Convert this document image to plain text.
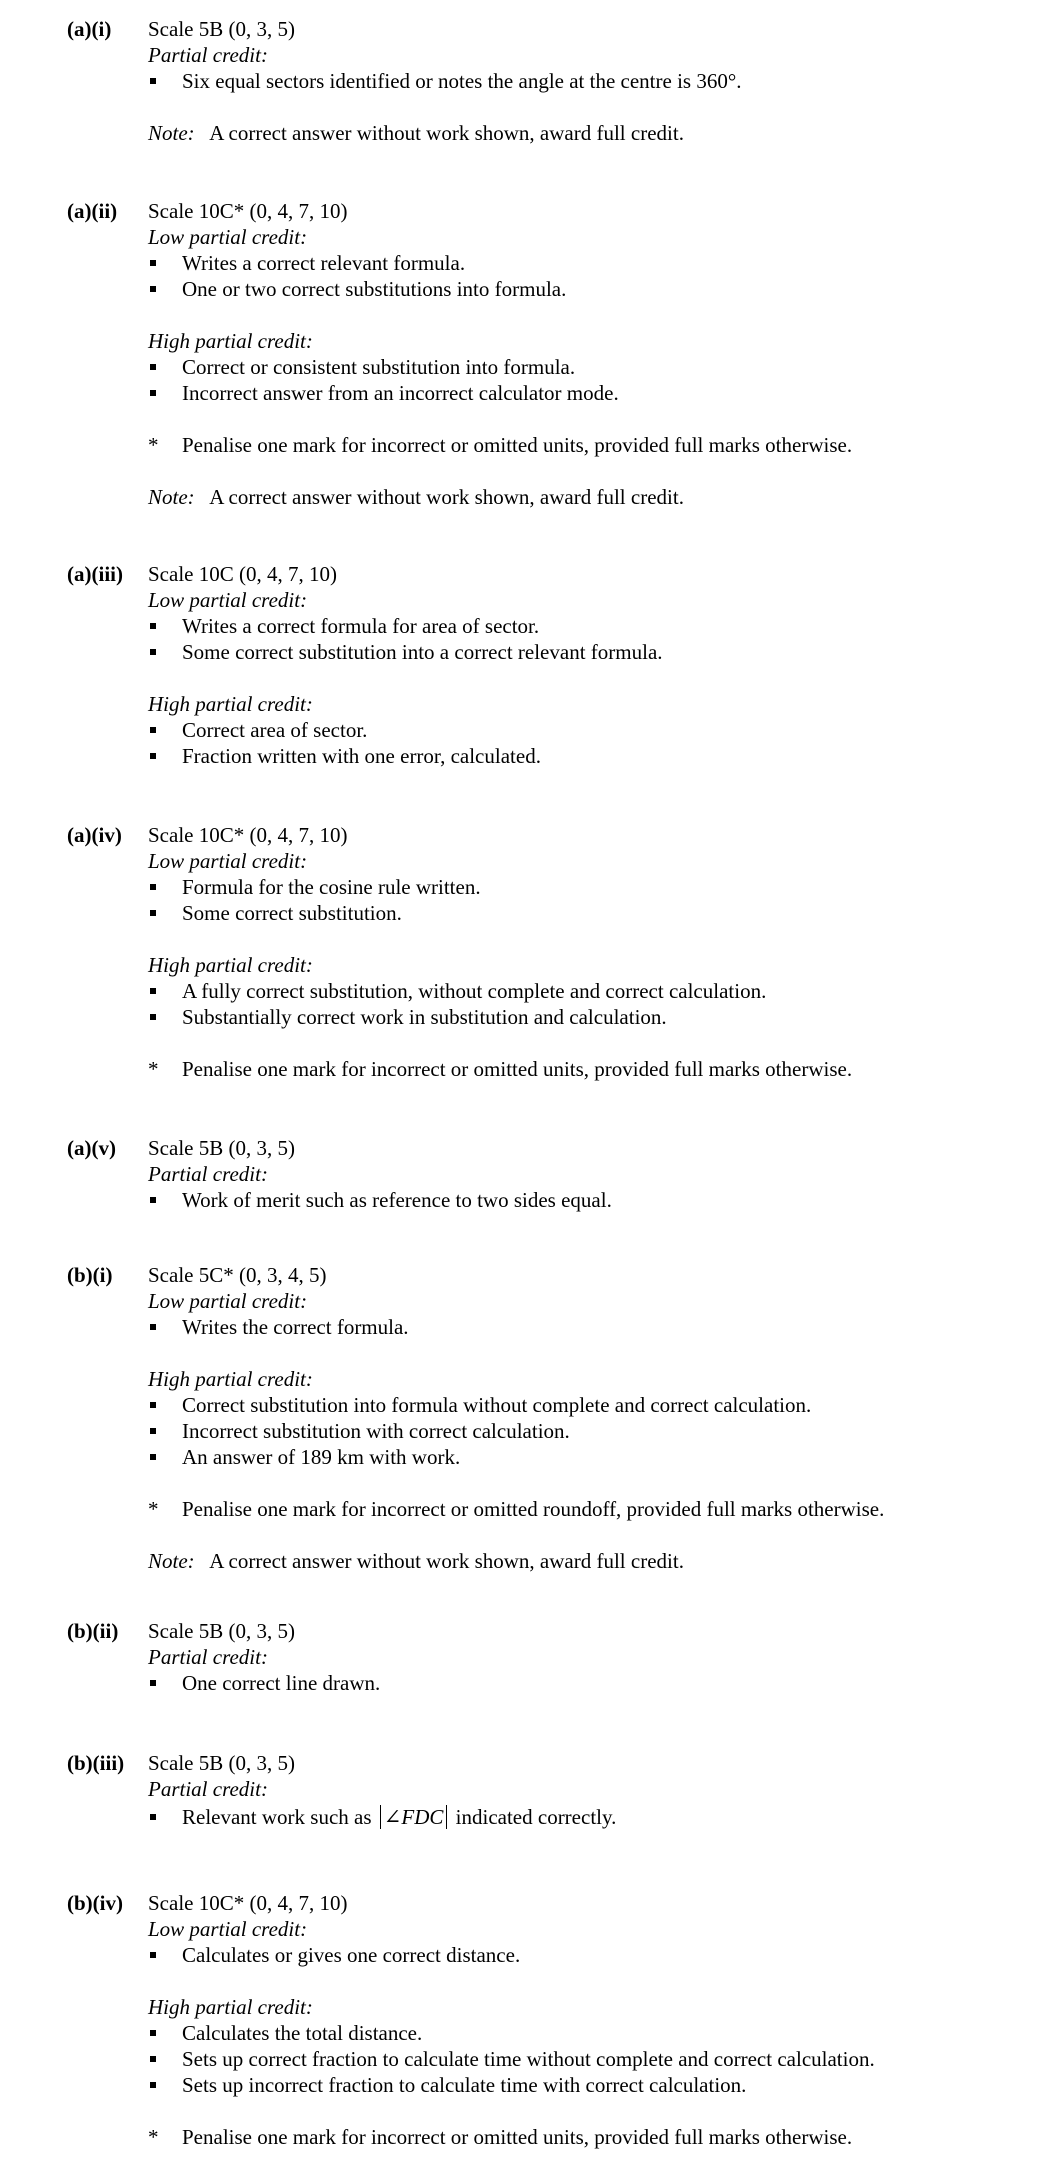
(a)(i) Scale 5B (0, 3, 5)
Partial credit:
Six equal sectors identified or notes the angle at the centre is 360°.
Note: A correct answer without work shown, award full credit.
(a)(ii) Scale 10C* (0, 4, 7, 10)
Low partial credit:
Writes a correct relevant formula.
One or two correct substitutions into formula.
High partial credit:
Correct or consistent substitution into formula.
Incorrect answer from an incorrect calculator mode.
* Penalise one mark for incorrect or omitted units, provided full marks otherwise.
Note: A correct answer without work shown, award full credit.
(a)(iii) Scale 10C (0, 4, 7, 10)
Low partial credit:
Writes a correct formula for area of sector.
Some correct substitution into a correct relevant formula.
High partial credit:
Correct area of sector.
Fraction written with one error, calculated.
(a)(iv) Scale 10C* (0, 4, 7, 10)
Low partial credit:
Formula for the cosine rule written.
Some correct substitution.
High partial credit:
A fully correct substitution, without complete and correct calculation.
Substantially correct work in substitution and calculation.
* Penalise one mark for incorrect or omitted units, provided full marks otherwise.
(a)(v) Scale 5B (0, 3, 5)
Partial credit:
Work of merit such as reference to two sides equal.
(b)(i) Scale 5C* (0, 3, 4, 5)
Low partial credit:
Writes the correct formula.
High partial credit:
Correct substitution into formula without complete and correct calculation.
Incorrect substitution with correct calculation.
An answer of 189 km with work.
* Penalise one mark for incorrect or omitted roundoff, provided full marks otherwise.
Note: A correct answer without work shown, award full credit.
(b)(ii) Scale 5B (0, 3, 5)
Partial credit:
One correct line drawn.
(b)(iii) Scale 5B (0, 3, 5)
Partial credit:
Relevant work such as ∠FDC indicated correctly.
(b)(iv) Scale 10C* (0, 4, 7, 10)
Low partial credit:
Calculates or gives one correct distance.
High partial credit:
Calculates the total distance.
Sets up correct fraction to calculate time without complete and correct calculation.
Sets up incorrect fraction to calculate time with correct calculation.
* Penalise one mark for incorrect or omitted units, provided full marks otherwise.
